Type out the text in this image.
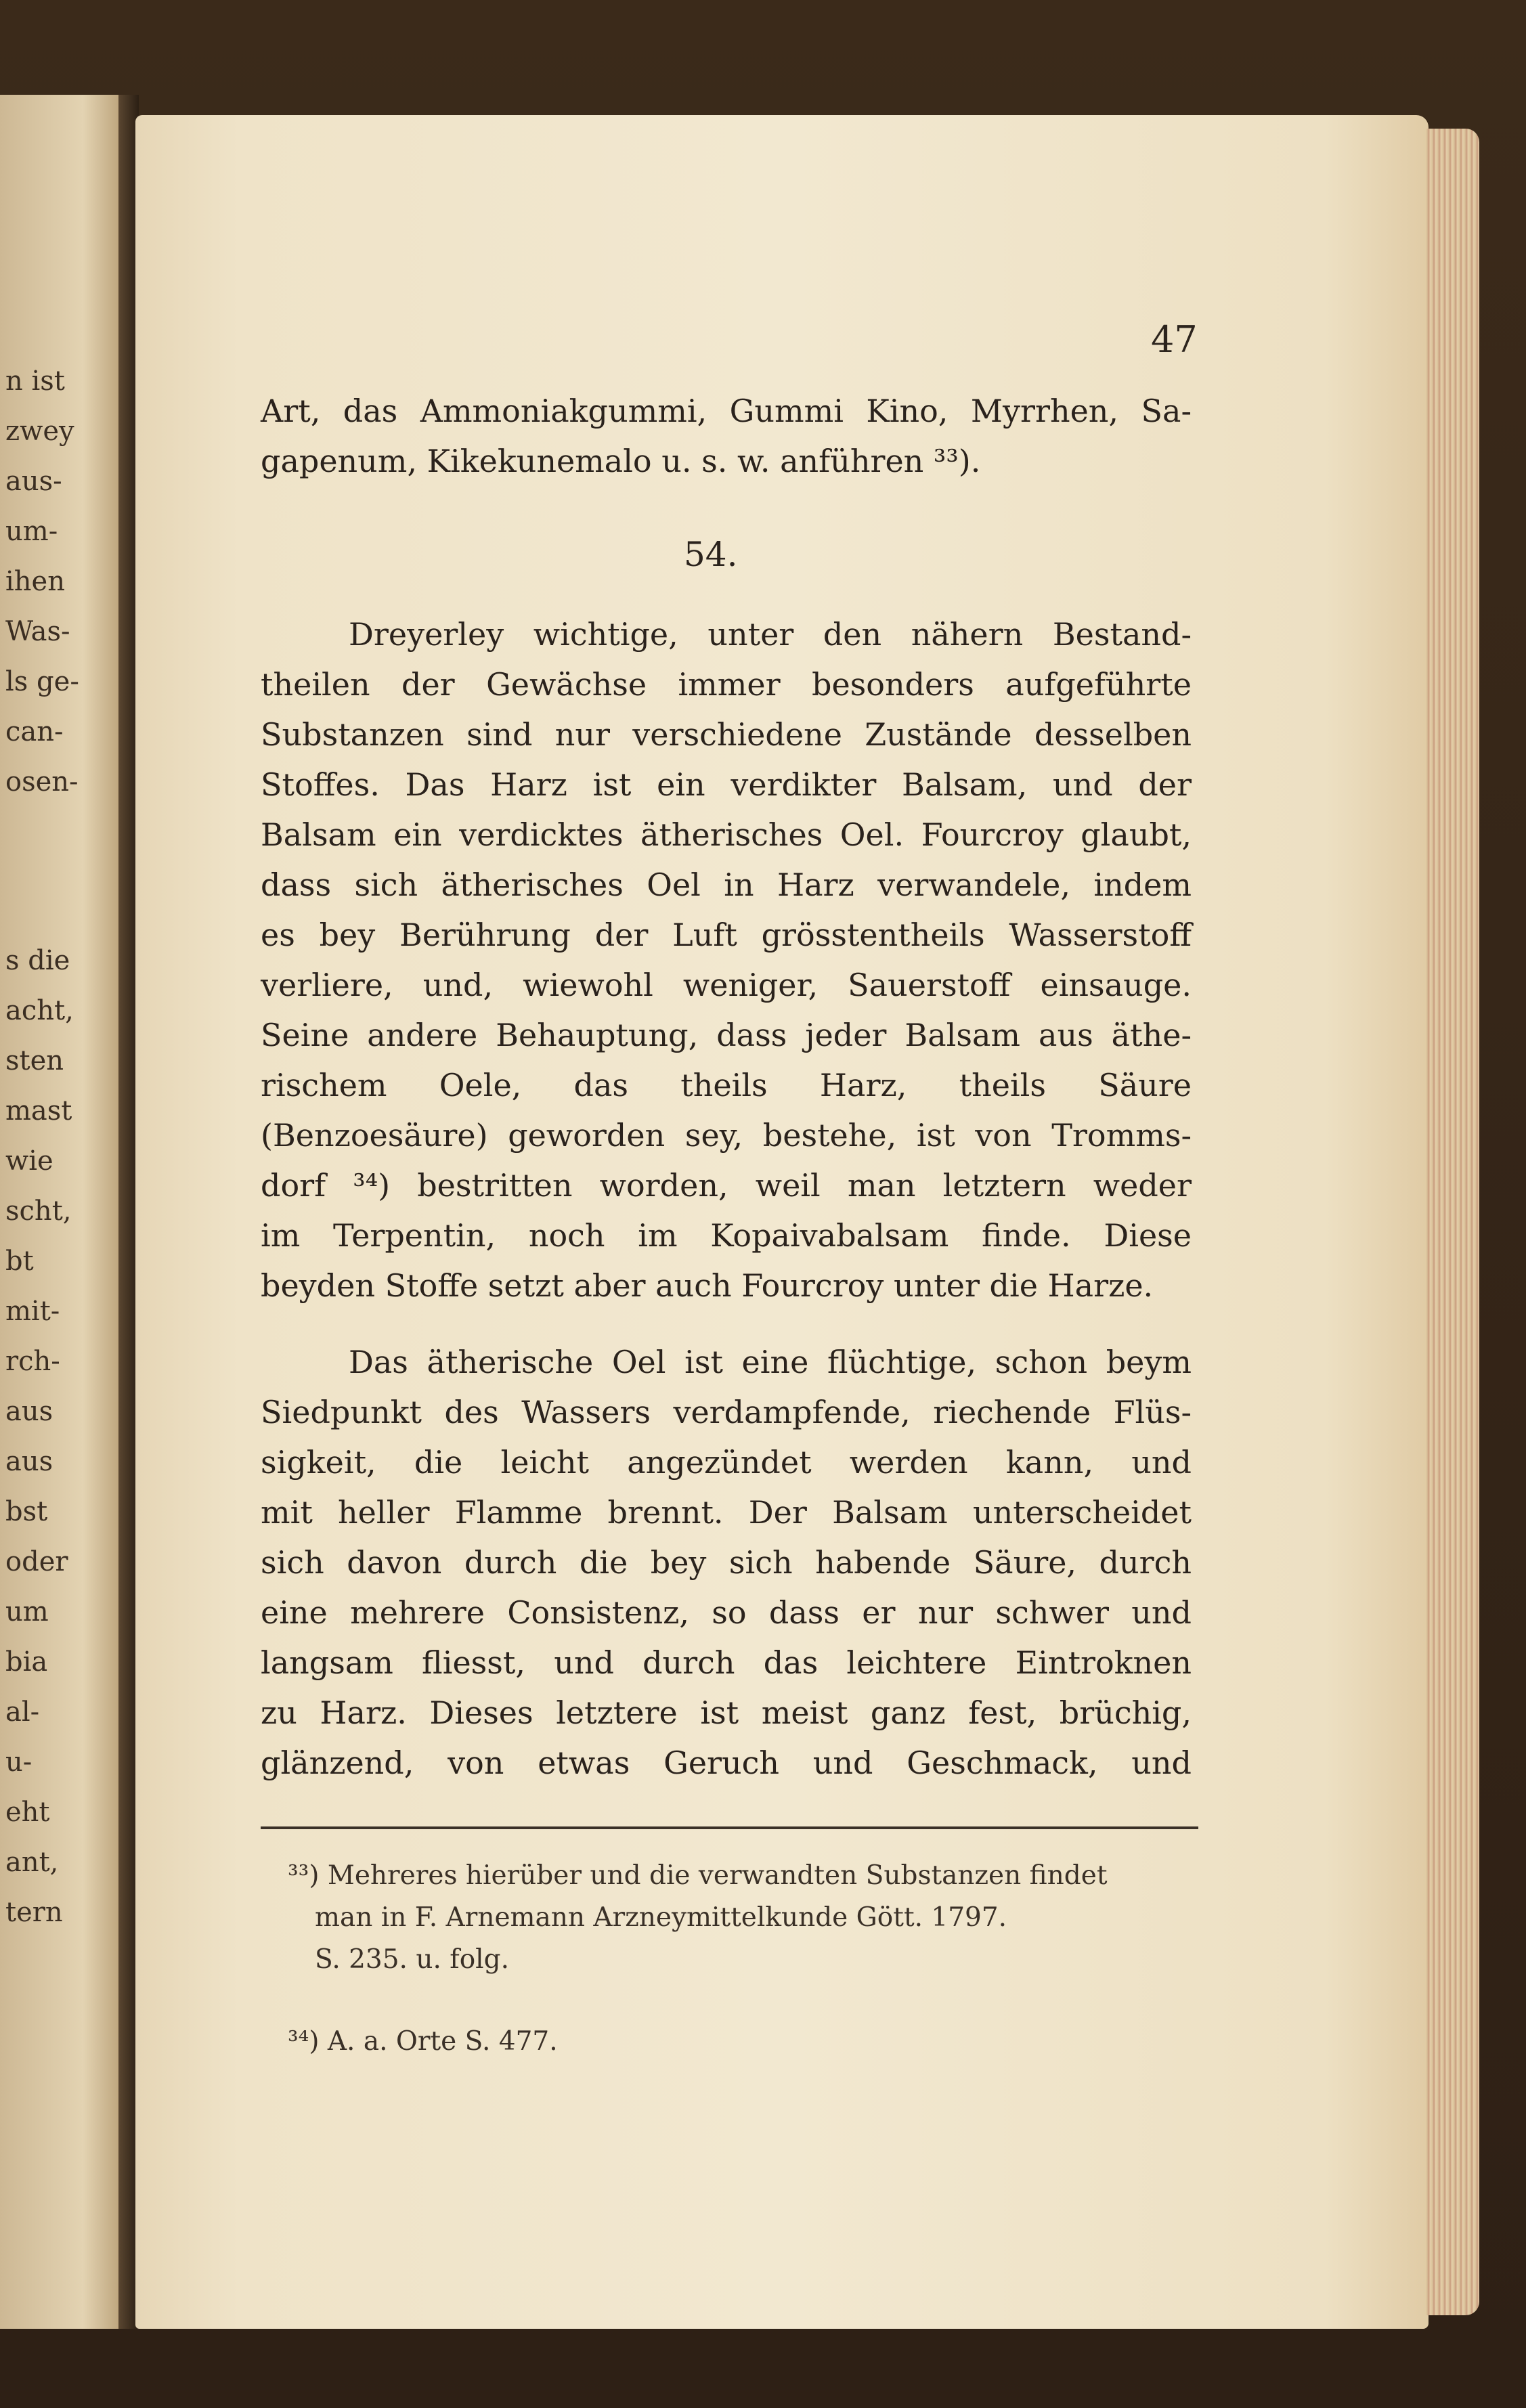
n ist
zwey
aus-
um-
ihen
Was-
ls ge-
can-
osen-
s die
acht,
sten
mast
wie
scht,
bt
mit-
rch-
aus
aus
bst
oder
um
bia
al-
u-
eht
ant,
tern
47
Art, das Ammoniakgummi, Gummi Kino, Myrrhen, Sa-
gapenum, Kikekunemalo u. s. w. anführen ³³).
54.
Dreyerley wichtige, unter den nähern Bestand-
theilen der Gewächse immer besonders aufgeführte
Substanzen sind nur verschiedene Zustände desselben
Stoffes. Das Harz ist ein verdikter Balsam, und der
Balsam ein verdicktes ätherisches Oel. Fourcroy glaubt,
dass sich ätherisches Oel in Harz verwandele, indem
es bey Berührung der Luft grösstentheils Wasserstoff
verliere, und, wiewohl weniger, Sauerstoff einsauge.
Seine andere Behauptung, dass jeder Balsam aus äthe-
rischem Oele, das theils Harz, theils Säure
(Benzoesäure) geworden sey, bestehe, ist von Tromms-
dorf ³⁴) bestritten worden, weil man letztern weder
im Terpentin, noch im Kopaivabalsam finde. Diese
beyden Stoffe setzt aber auch Fourcroy unter die Harze.
Das ätherische Oel ist eine flüchtige, schon beym
Siedpunkt des Wassers verdampfende, riechende Flüs-
sigkeit, die leicht angezündet werden kann, und
mit heller Flamme brennt. Der Balsam unterscheidet
sich davon durch die bey sich habende Säure, durch
eine mehrere Consistenz, so dass er nur schwer und
langsam fliesst, und durch das leichtere Eintroknen
zu Harz. Dieses letztere ist meist ganz fest, brüchig,
glänzend, von etwas Geruch und Geschmack, und
³³) Mehreres hierüber und die verwandten Substanzen findet
man in F. Arnemann Arzneymittelkunde Gött. 1797.
S. 235. u. folg.
³⁴) A. a. Orte S. 477.
